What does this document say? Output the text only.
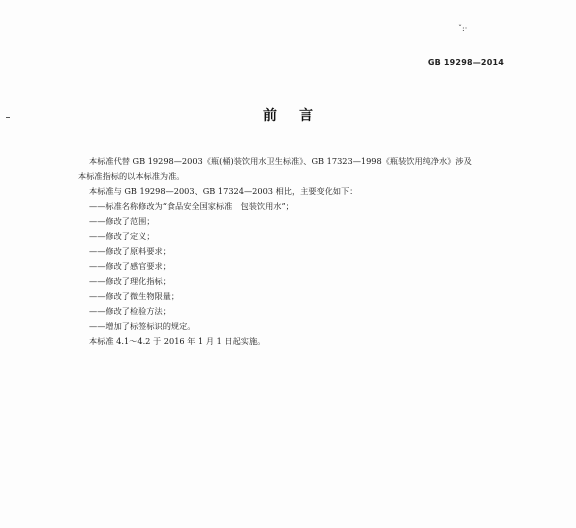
ˇ:·
GB 19298—2014
前言

本标准代替 GB 19298—2003《瓶(桶)装饮用水卫生标准》、GB 17323—1998《瓶装饮用纯净水》涉及

本标准指标的以本标准为准。

本标准与 GB 19298—2003、GB 17324—2003 相比，主要变化如下：

——标准名称修改为“食品安全国家标准　包装饮用水”；

——修改了范围；

——修改了定义；

——修改了原料要求；

——修改了感官要求；

——修改了理化指标；

——修改了微生物限量；

——修改了检验方法；

——增加了标签标识的规定。

本标准 4.1～4.2 于 2016 年 1 月 1 日起实施。
